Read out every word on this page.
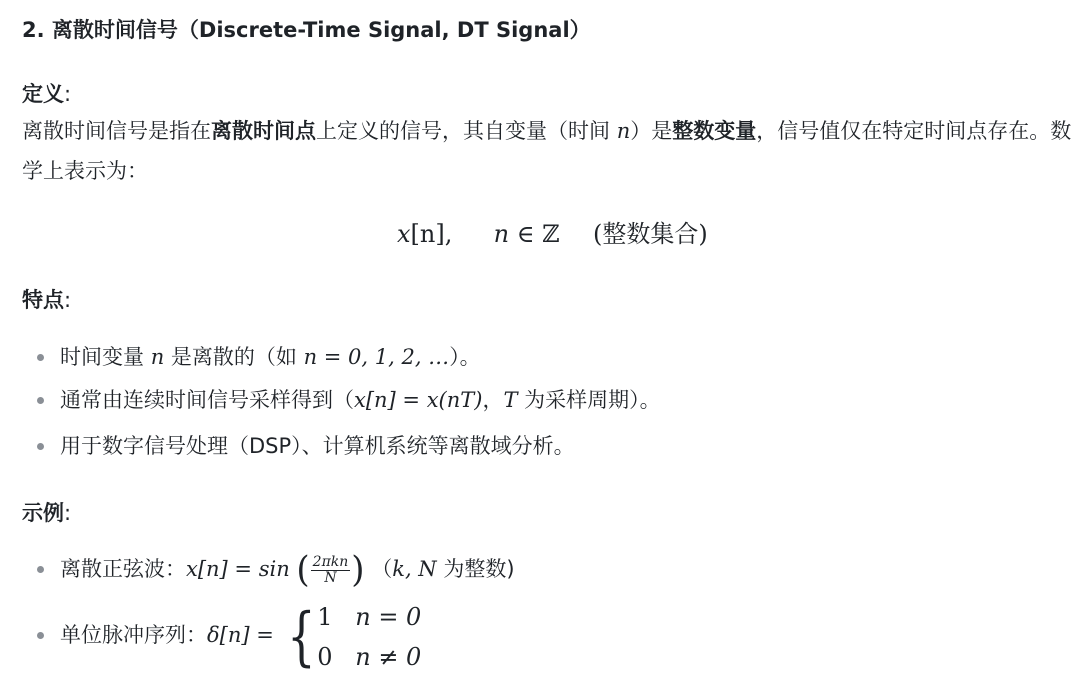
2. 离散时间信号（Discrete-Time Signal, DT Signal）
定义:
离散时间信号是指在离散时间点上定义的信号，其自变量（时间 n）是整数变量，信号值仅在特定时间点存在。数学上表示为：
x[n], n ∈ ℤ (整数集合)
特点:
时间变量 n 是离散的（如 n = 0, 1, 2, …）。
通常由连续时间信号采样得到（x[n] = x(nT)，T 为采样周期）。
用于数字信号处理（DSP）、计算机系统等离散域分析。
示例:
离散正弦波：x[n] = sin ( $\frac{\text{2πkn}}{N}$ ) （k, N 为整数)
单位脉冲序列：δ[n] = { 1 n = 0
0 n ≠ 0
